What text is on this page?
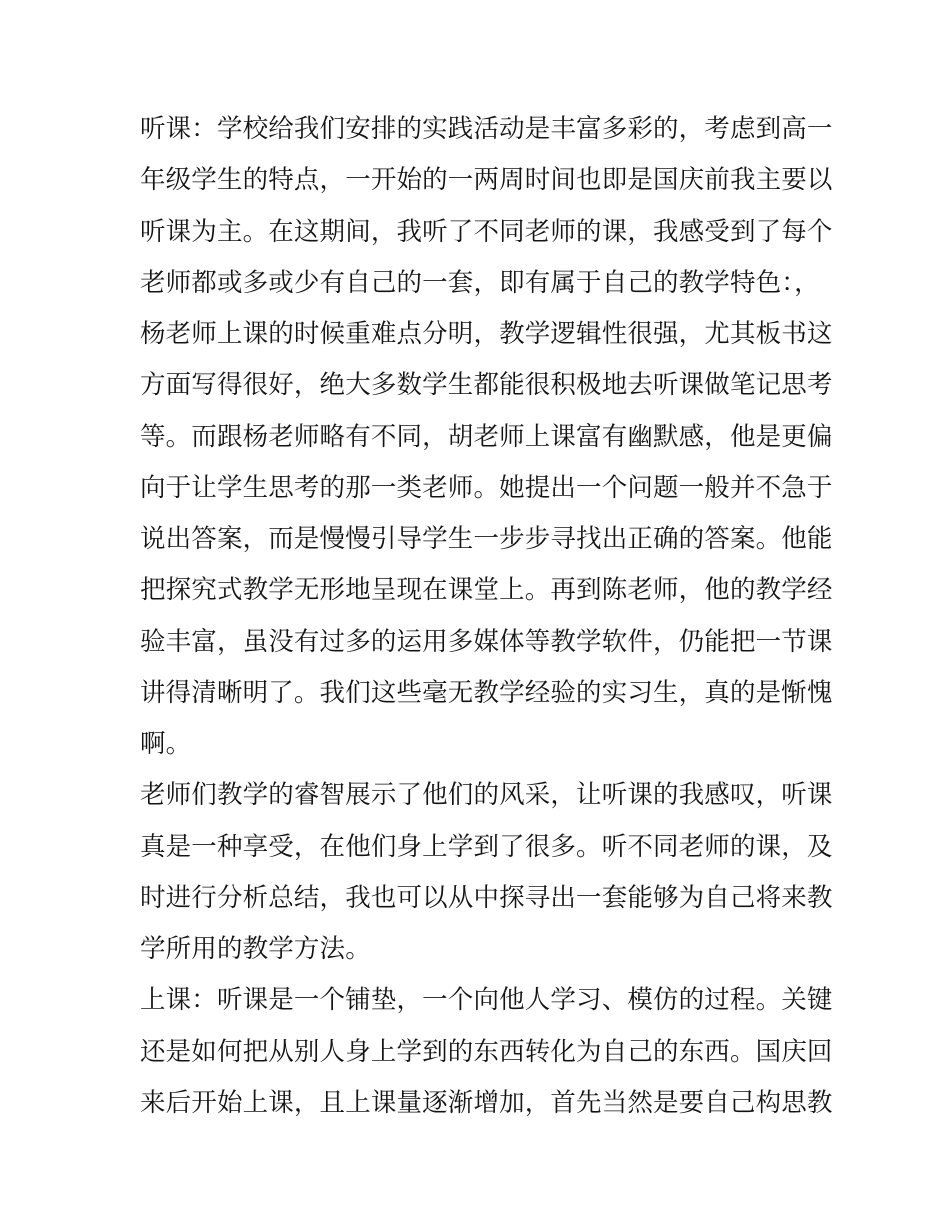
听课：学校给我们安排的实践活动是丰富多彩的，考虑到高一
年级学生的特点，一开始的一两周时间也即是国庆前我主要以
听课为主。在这期间，我听了不同老师的课，我感受到了每个
老师都或多或少有自己的一套，即有属于自己的教学特色：，
杨老师上课的时候重难点分明，教学逻辑性很强，尤其板书这
方面写得很好，绝大多数学生都能很积极地去听课做笔记思考
等。而跟杨老师略有不同，胡老师上课富有幽默感，他是更偏
向于让学生思考的那一类老师。她提出一个问题一般并不急于
说出答案，而是慢慢引导学生一步步寻找出正确的答案。他能
把探究式教学无形地呈现在课堂上。再到陈老师，他的教学经
验丰富，虽没有过多的运用多媒体等教学软件，仍能把一节课
讲得清晰明了。我们这些毫无教学经验的实习生，真的是惭愧
啊。
老师们教学的睿智展示了他们的风采，让听课的我感叹，听课
真是一种享受，在他们身上学到了很多。听不同老师的课，及
时进行分析总结，我也可以从中探寻出一套能够为自己将来教
学所用的教学方法。
上课：听课是一个铺垫，一个向他人学习、模仿的过程。关键
还是如何把从别人身上学到的东西转化为自己的东西。国庆回
来后开始上课，且上课量逐渐增加，首先当然是要自己构思教
